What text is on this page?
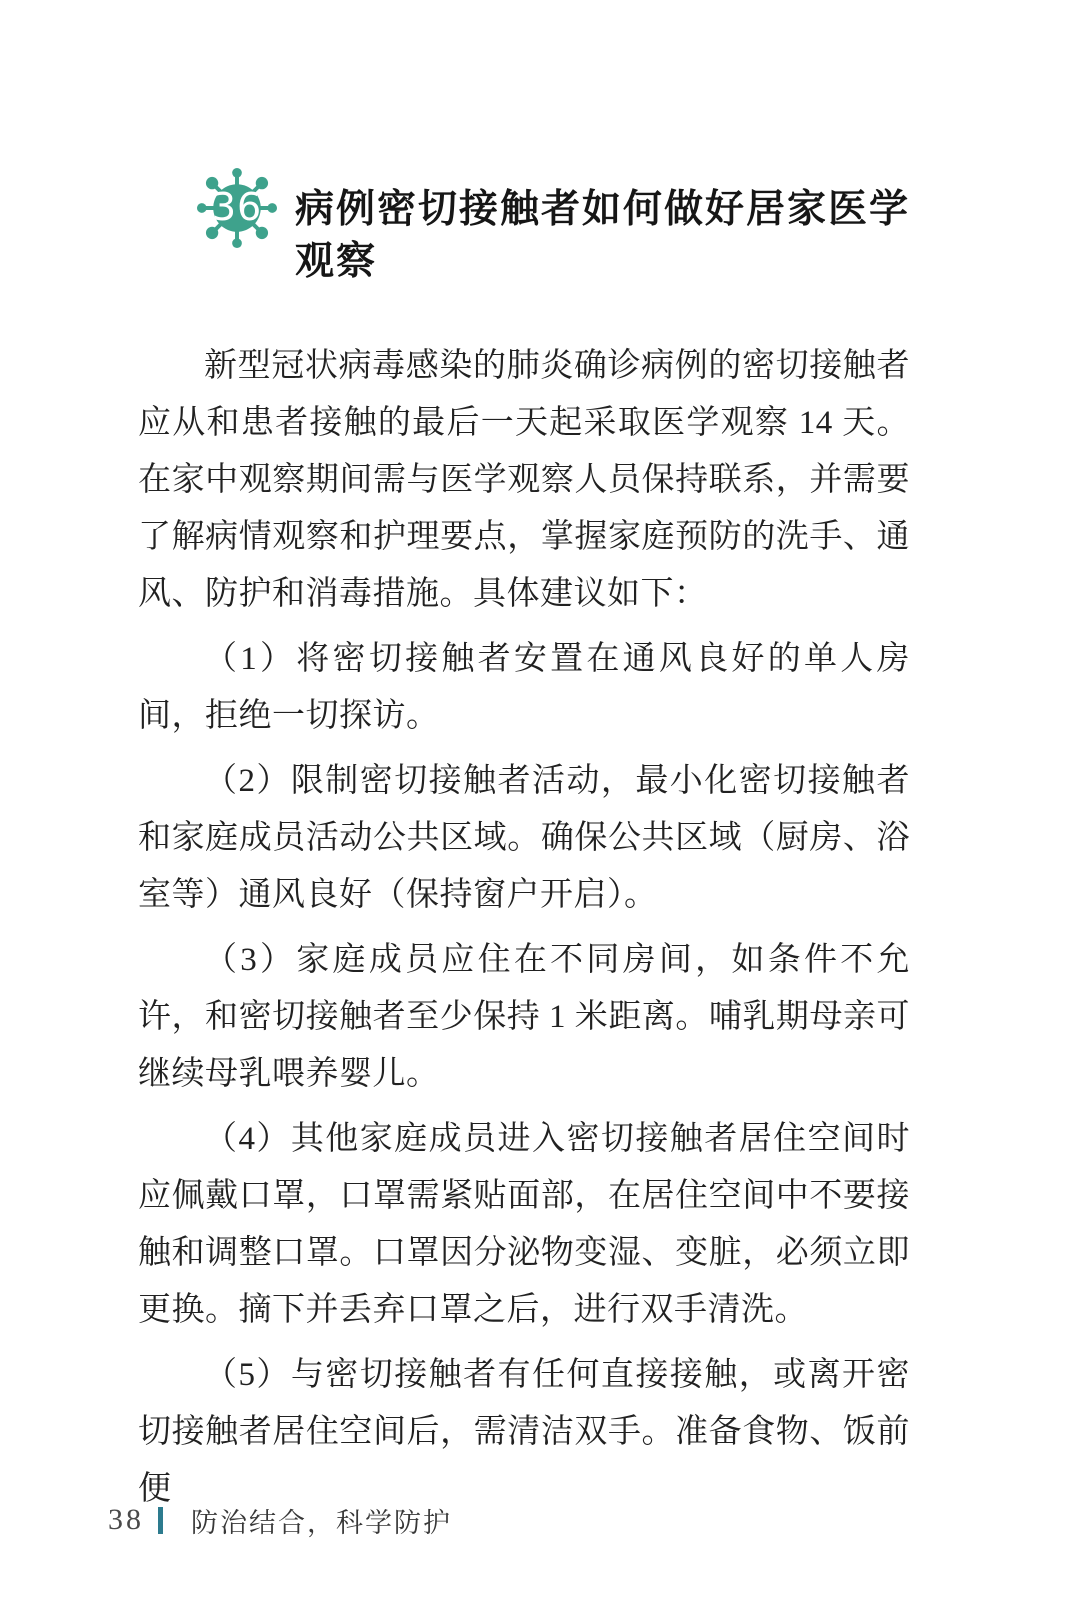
36 病例密切接触者如何做好居家医学观察

新型冠状病毒感染的肺炎确诊病例的密切接触者应从和患者接触的最后一天起采取医学观察 14 天。在家中观察期间需与医学观察人员保持联系，并需要了解病情观察和护理要点，掌握家庭预防的洗手、通风、防护和消毒措施。具体建议如下：

（1）将密切接触者安置在通风良好的单人房间，拒绝一切探访。

（2）限制密切接触者活动，最小化密切接触者和家庭成员活动公共区域。确保公共区域（厨房、浴室等）通风良好（保持窗户开启）。

（3）家庭成员应住在不同房间，如条件不允许，和密切接触者至少保持 1 米距离。哺乳期母亲可继续母乳喂养婴儿。

（4）其他家庭成员进入密切接触者居住空间时应佩戴口罩，口罩需紧贴面部，在居住空间中不要接触和调整口罩。口罩因分泌物变湿、变脏，必须立即更换。摘下并丢弃口罩之后，进行双手清洗。

（5）与密切接触者有任何直接接触，或离开密切接触者居住空间后，需清洁双手。准备食物、饭前便

38 防治结合，科学防护
